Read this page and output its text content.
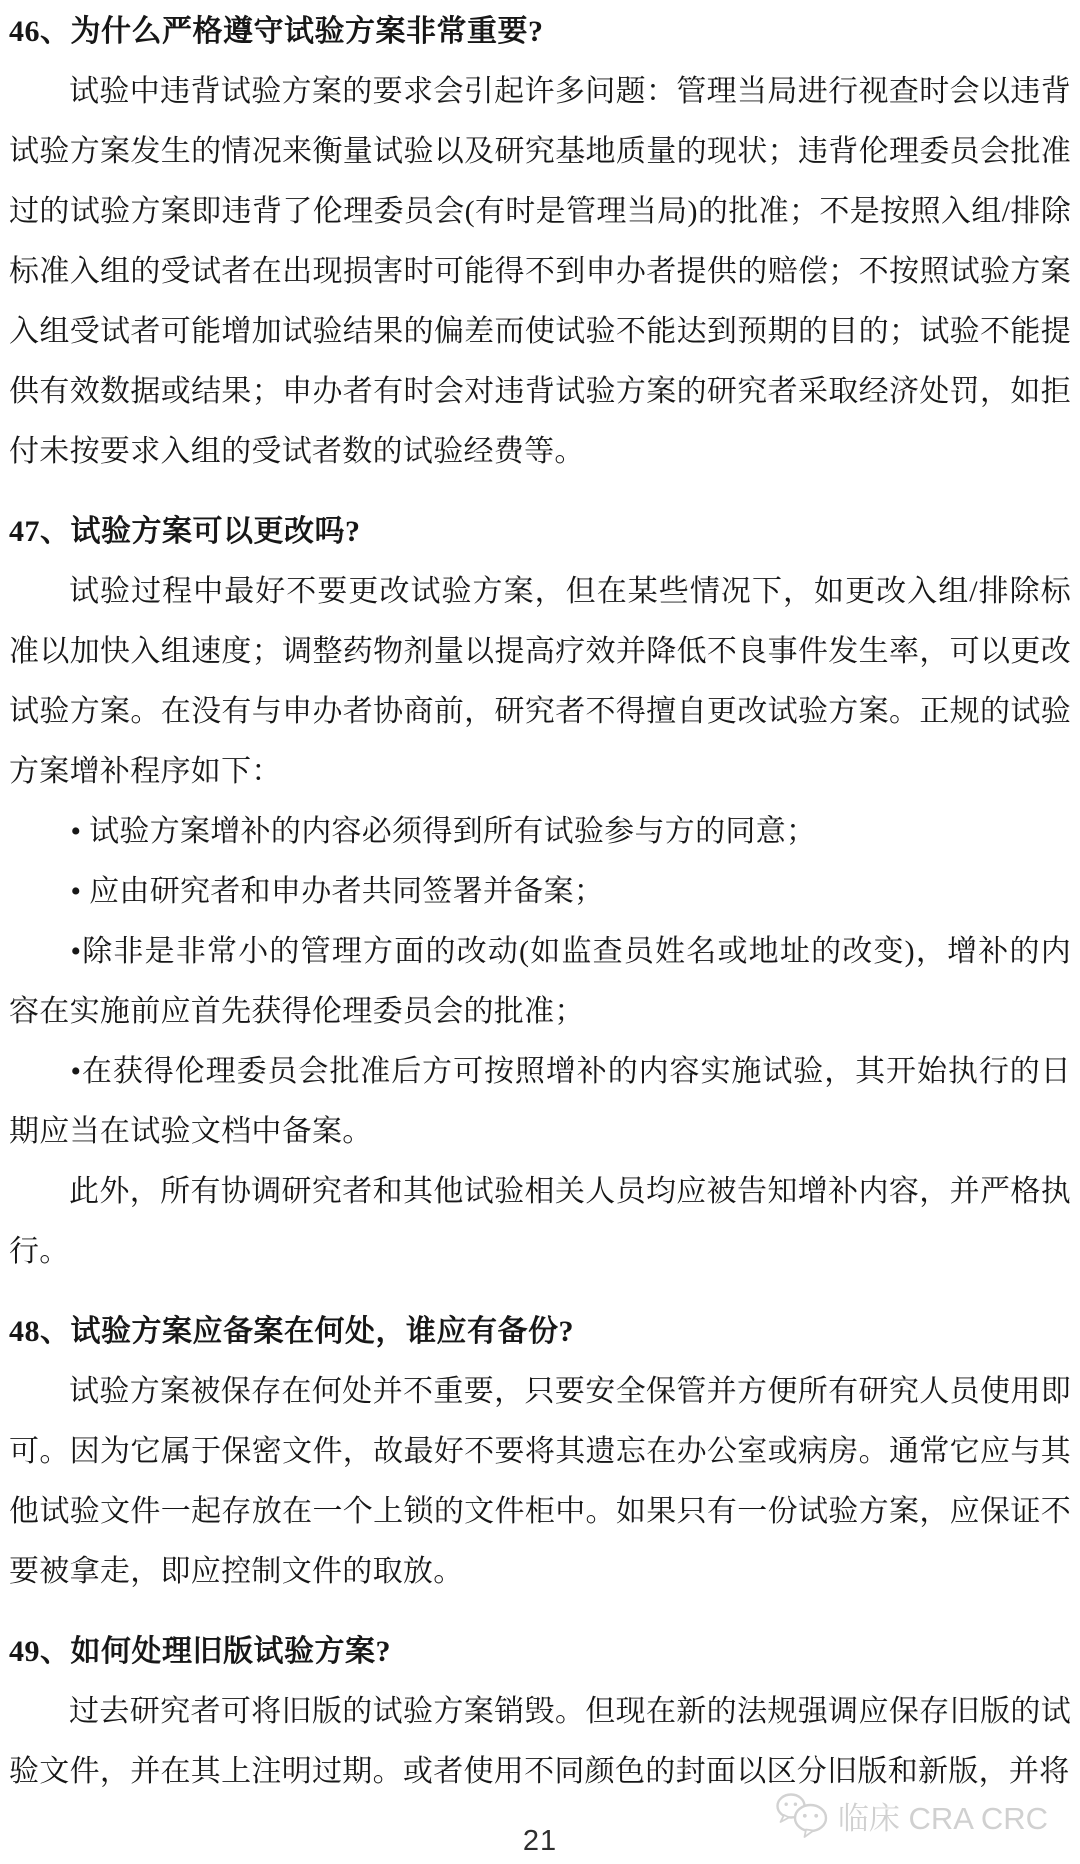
46、为什么严格遵守试验方案非常重要?

试验中违背试验方案的要求会引起许多问题：管理当局进行视查时会以违背试验方案发生的情况来衡量试验以及研究基地质量的现状；违背伦理委员会批准过的试验方案即违背了伦理委员会(有时是管理当局)的批准；不是按照入组/排除标准入组的受试者在出现损害时可能得不到申办者提供的赔偿；不按照试验方案入组受试者可能增加试验结果的偏差而使试验不能达到预期的目的；试验不能提供有效数据或结果；申办者有时会对违背试验方案的研究者采取经济处罚，如拒付未按要求入组的受试者数的试验经费等。

47、试验方案可以更改吗?

试验过程中最好不要更改试验方案，但在某些情况下，如更改入组/排除标准以加快入组速度；调整药物剂量以提高疗效并降低不良事件发生率，可以更改试验方案。在没有与申办者协商前，研究者不得擅自更改试验方案。正规的试验方案增补程序如下：

• 试验方案增补的内容必须得到所有试验参与方的同意；

• 应由研究者和申办者共同签署并备案；

•除非是非常小的管理方面的改动(如监查员姓名或地址的改变)，增补的内容在实施前应首先获得伦理委员会的批准；

•在获得伦理委员会批准后方可按照增补的内容实施试验，其开始执行的日期应当在试验文档中备案。

此外，所有协调研究者和其他试验相关人员均应被告知增补内容，并严格执行。

48、试验方案应备案在何处，谁应有备份?

试验方案被保存在何处并不重要，只要安全保管并方便所有研究人员使用即可。因为它属于保密文件，故最好不要将其遗忘在办公室或病房。通常它应与其他试验文件一起存放在一个上锁的文件柜中。如果只有一份试验方案，应保证不要被拿走，即应控制文件的取放。

49、如何处理旧版试验方案?

过去研究者可将旧版的试验方案销毁。但现在新的法规强调应保存旧版的试验文件，并在其上注明过期。或者使用不同颜色的封面以区分旧版和新版，并将

临床 CRA CRC
21
